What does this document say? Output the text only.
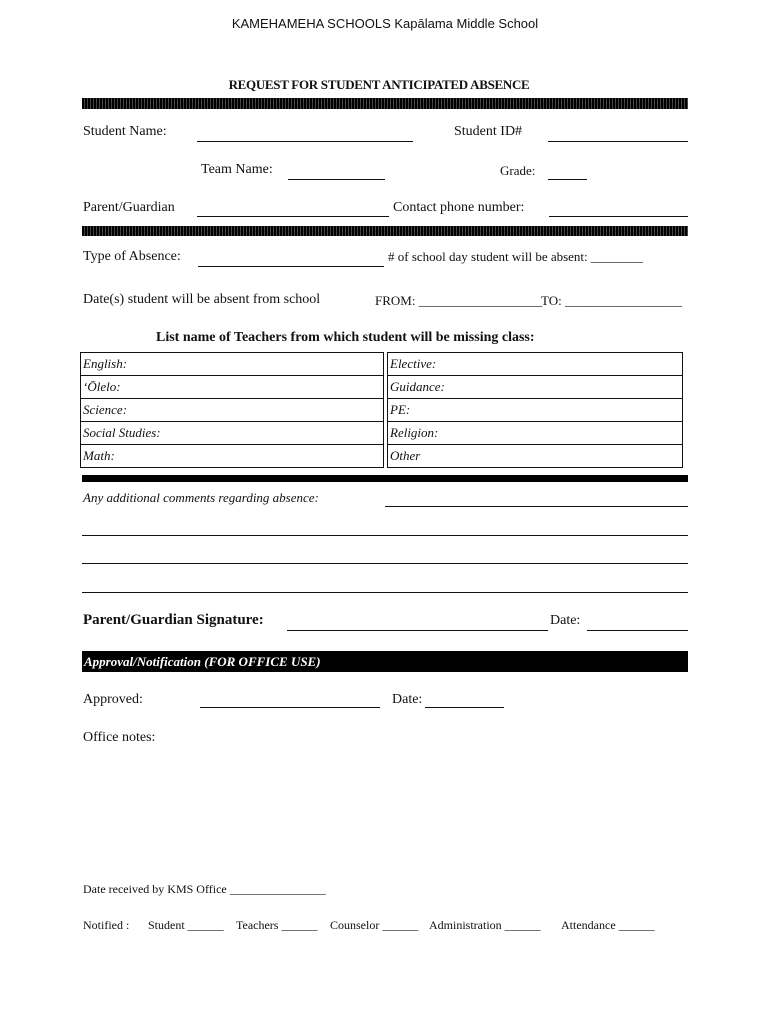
KAMEHAMEHA SCHOOLS Kapālama Middle School
REQUEST FOR STUDENT ANTICIPATED ABSENCE
Student Name:	Student ID#
Team Name:	Grade:
Parent/Guardian	Contact phone number:
Type of Absence:	# of school day student will be absent: ________
Date(s) student will be absent from school	FROM: ___________________
TO: __________________
List name of Teachers from which student will be missing class:
English:	Elective:
ʻŌlelo:	Guidance:
Science:	PE:
Social Studies:	Religion:
Math:	Other
Any additional comments regarding absence:
Parent/Guardian Signature:	Date:
Approval/Notification (FOR OFFICE USE)
Approved:	Date:
Office notes:
Date received by KMS Office ________________
Notified : Student ______ Teachers ______ Counselor ______ Administration ______ Attendance ______
